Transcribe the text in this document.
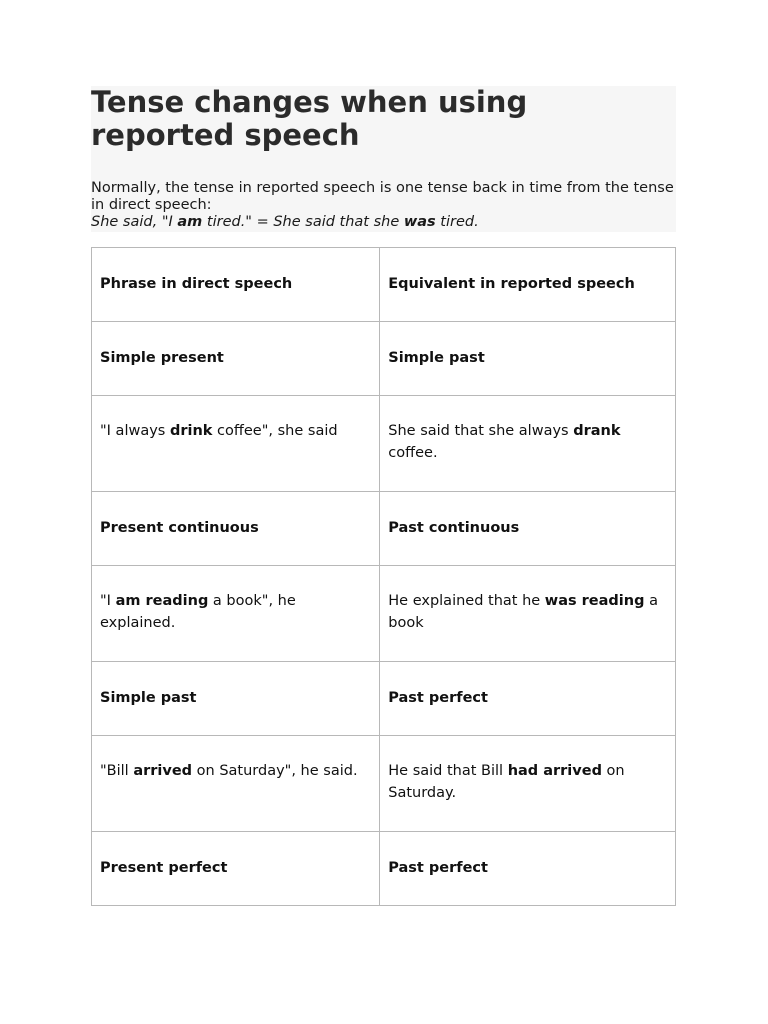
Tense changes when using reported speech
Normally, the tense in reported speech is one tense back in time from the tense in direct speech:
She said, "I am tired." = She said that she was tired.
Phrase in direct speech	Equivalent in reported speech
Simple present	Simple past
"I always drink coffee", she said	She said that she always drank coffee.
Present continuous	Past continuous
"I am reading a book", he explained.	He explained that he was reading a book
Simple past	Past perfect
"Bill arrived on Saturday", he said.	He said that Bill had arrived on Saturday.
Present perfect	Past perfect
